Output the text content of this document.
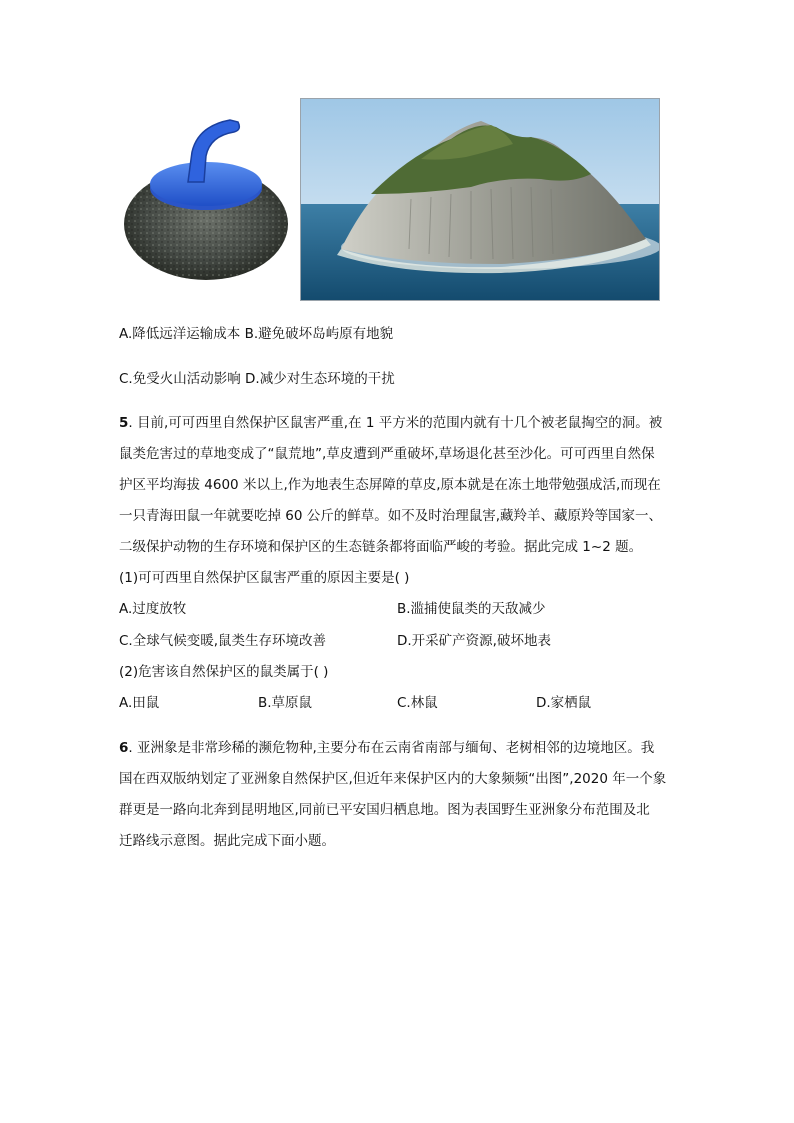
A.降低远洋运输成本 B.避免破坏岛屿原有地貌
C.免受火山活动影响 D.减少对生态环境的干扰
5. 目前,可可西里自然保护区鼠害严重,在 1 平方米的范围内就有十几个被老鼠掏空的洞。被
鼠类危害过的草地变成了“鼠荒地”,草皮遭到严重破坏,草场退化甚至沙化。可可西里自然保
护区平均海拔 4600 米以上,作为地表生态屏障的草皮,原本就是在冻土地带勉强成活,而现在
一只青海田鼠一年就要吃掉 60 公斤的鲜草。如不及时治理鼠害,藏羚羊、藏原羚等国家一、
二级保护动物的生存环境和保护区的生态链条都将面临严峻的考验。据此完成 1~2 题。
(1)可可西里自然保护区鼠害严重的原因主要是( )
A.过度放牧	B.滥捕使鼠类的天敌减少
C.全球气候变暖,鼠类生存环境改善	D.开采矿产资源,破坏地表
(2)危害该自然保护区的鼠类属于( )
A.田鼠	B.草原鼠	C.林鼠	D.家栖鼠
6. 亚洲象是非常珍稀的濒危物种,主要分布在云南省南部与缅甸、老树相邻的边境地区。我
国在西双版纳划定了亚洲象自然保护区,但近年来保护区内的大象频频“出图”,2020 年一个象
群更是一路向北奔到昆明地区,同前已平安国归栖息地。图为表国野生亚洲象分布范围及北
迁路线示意图。据此完成下面小题。
